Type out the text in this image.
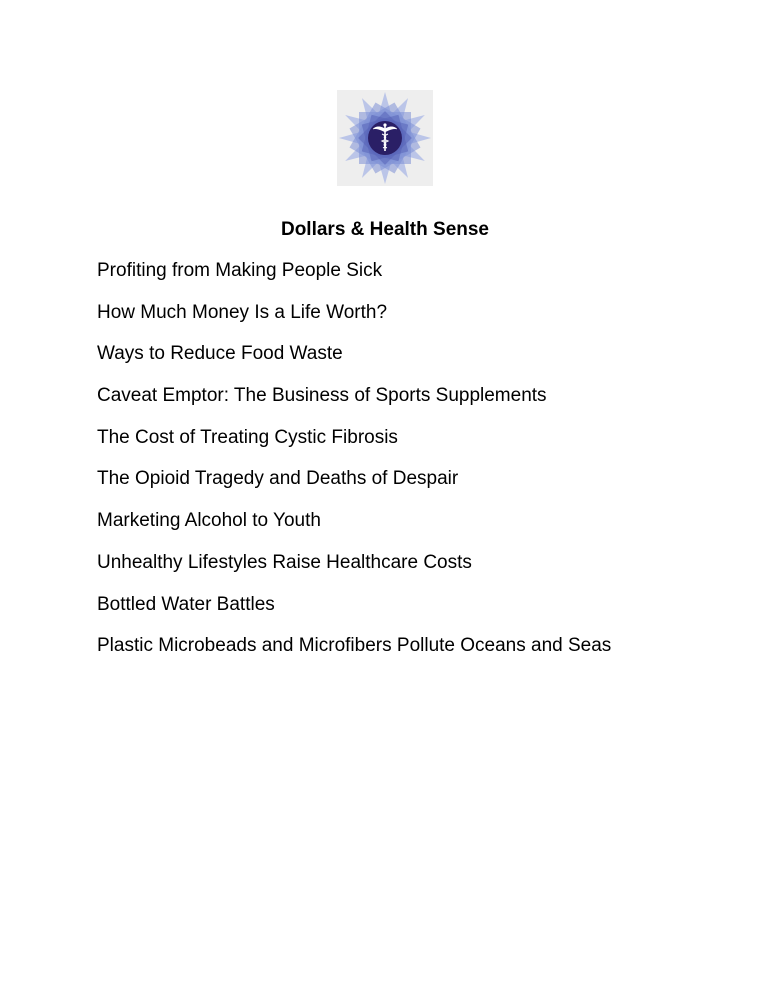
Dollars & Health Sense
Profiting from Making People Sick
How Much Money Is a Life Worth?
Ways to Reduce Food Waste
Caveat Emptor: The Business of Sports Supplements
The Cost of Treating Cystic Fibrosis
The Opioid Tragedy and Deaths of Despair
Marketing Alcohol to Youth
Unhealthy Lifestyles Raise Healthcare Costs
Bottled Water Battles
Plastic Microbeads and Microfibers Pollute Oceans and Seas
